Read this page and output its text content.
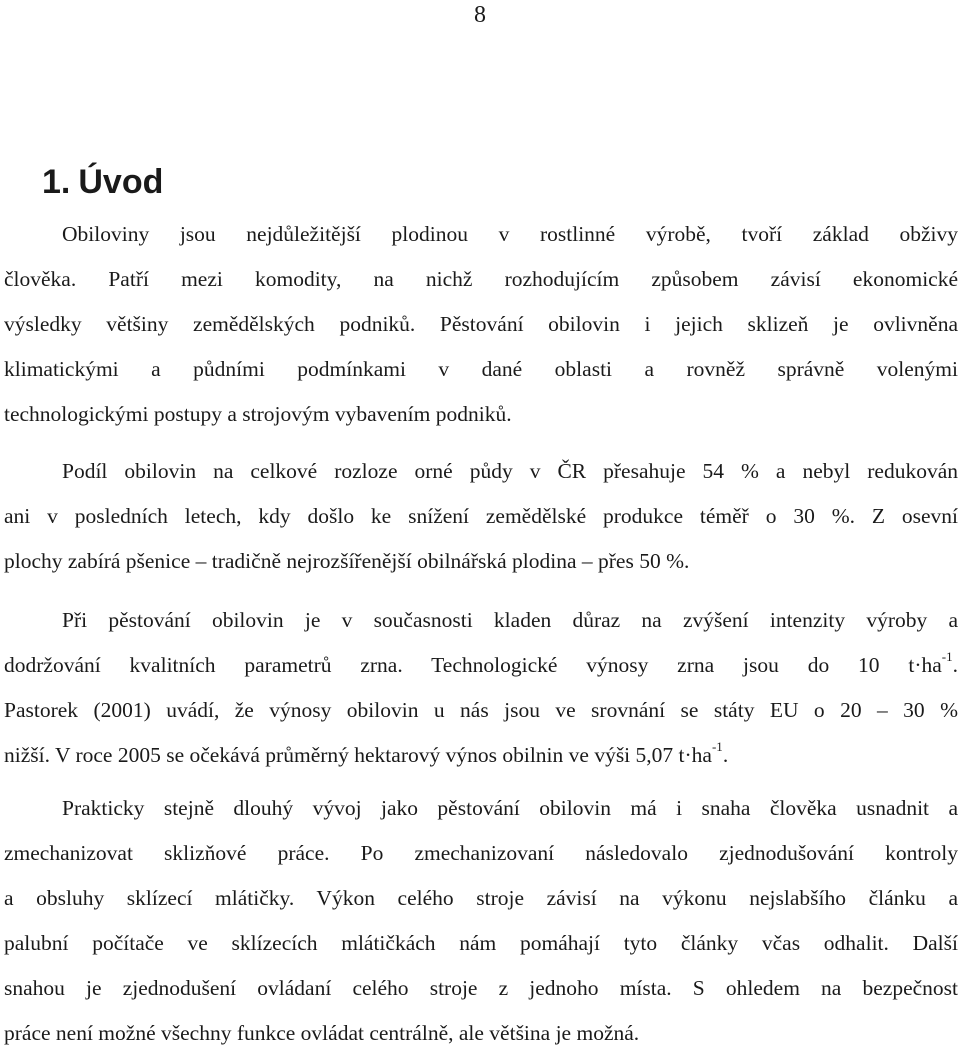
8
1. Úvod

Obiloviny jsou nejdůležitější plodinou v rostlinné výrobě, tvoří základ obživy
člověka. Patří mezi komodity, na nichž rozhodujícím způsobem závisí ekonomické
výsledky většiny zemědělských podniků. Pěstování obilovin i jejich sklizeň je ovlivněna
klimatickými a půdními podmínkami v dané oblasti a rovněž správně volenými
technologickými postupy a strojovým vybavením podniků.

Podíl obilovin na celkové rozloze orné půdy v ČR přesahuje 54 % a nebyl redukován
ani v posledních letech, kdy došlo ke snížení zemědělské produkce téměř o 30 %. Z osevní
plochy zabírá pšenice – tradičně nejrozšířenější obilnářská plodina – přes 50 %.

Při pěstování obilovin je v současnosti kladen důraz na zvýšení intenzity výroby a
dodržování kvalitních parametrů zrna. Technologické výnosy zrna jsou do 10 $t\cdot ha^{-1}$.
Pastorek (2001) uvádí, že výnosy obilovin u nás jsou ve srovnání se státy EU o 20 – 30 %
nižší. V roce 2005 se očekává průměrný hektarový výnos obilnin ve výši 5,07 $t\cdot ha^{-1}$.

Prakticky stejně dlouhý vývoj jako pěstování obilovin má i snaha člověka usnadnit a
zmechanizovat sklizňové práce. Po zmechanizovaní následovalo zjednodušování kontroly
a obsluhy sklízecí mlátičky. Výkon celého stroje závisí na výkonu nejslabšího článku a
palubní počítače ve sklízecích mlátičkách nám pomáhají tyto články včas odhalit. Další
snahou je zjednodušení ovládaní celého stroje z jednoho místa. S ohledem na bezpečnost
práce není možné všechny funkce ovládat centrálně, ale většina je možná.
